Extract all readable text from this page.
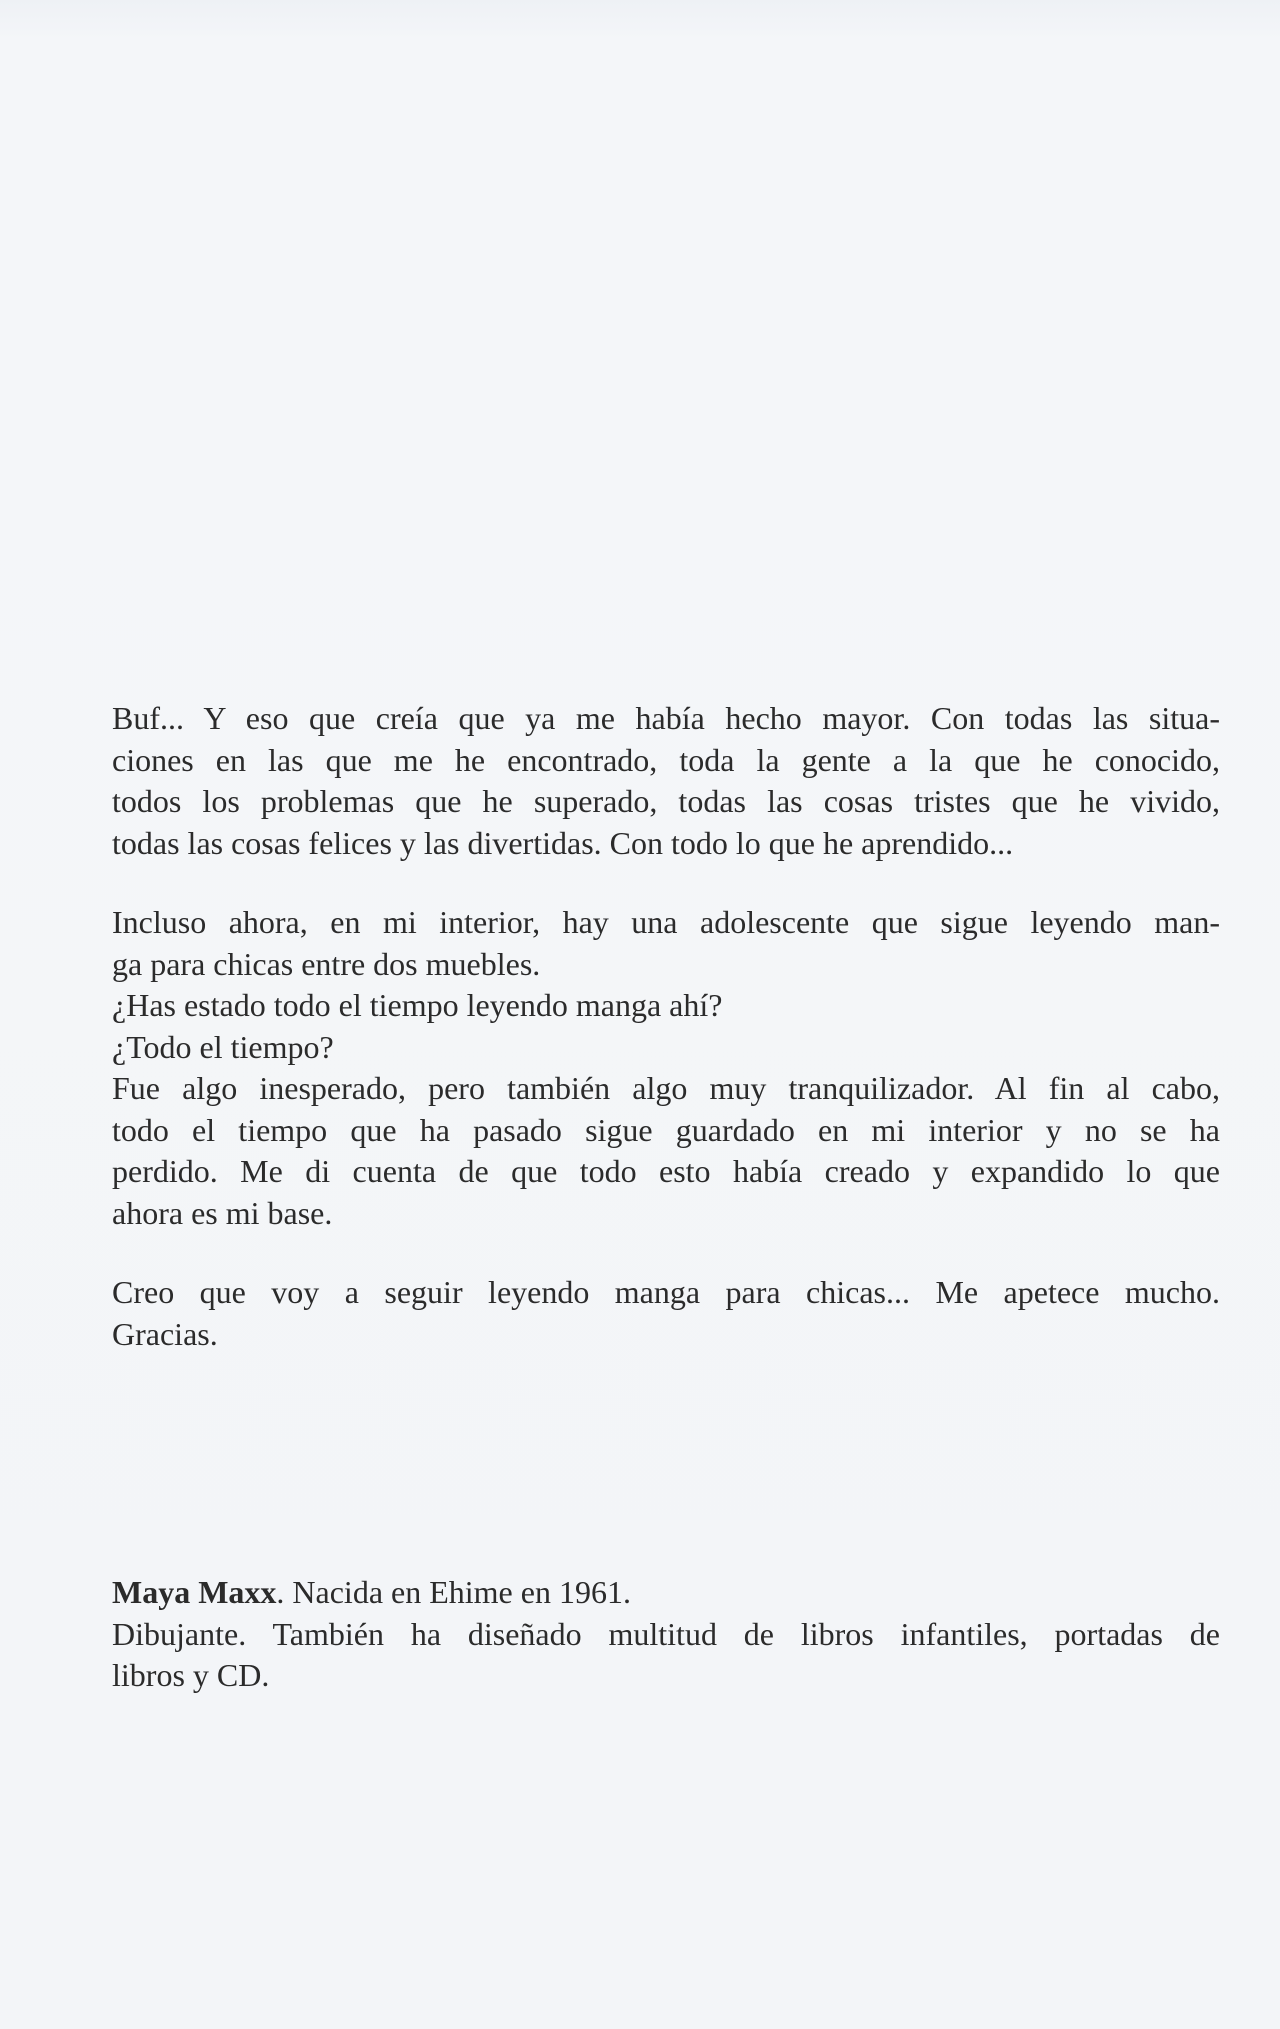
Buf... Y eso que creía que ya me había hecho mayor. Con todas las situa-
ciones en las que me he encontrado, toda la gente a la que he conocido,
todos los problemas que he superado, todas las cosas tristes que he vivido,
todas las cosas felices y las divertidas. Con todo lo que he aprendido...

Incluso ahora, en mi interior, hay una adolescente que sigue leyendo man-
ga para chicas entre dos muebles.
¿Has estado todo el tiempo leyendo manga ahí?
¿Todo el tiempo?
Fue algo inesperado, pero también algo muy tranquilizador. Al fin al cabo,
todo el tiempo que ha pasado sigue guardado en mi interior y no se ha
perdido. Me di cuenta de que todo esto había creado y expandido lo que
ahora es mi base.

Creo que voy a seguir leyendo manga para chicas... Me apetece mucho.
Gracias.

Maya Maxx. Nacida en Ehime en 1961.
Dibujante. También ha diseñado multitud de libros infantiles, portadas de
libros y CD.
